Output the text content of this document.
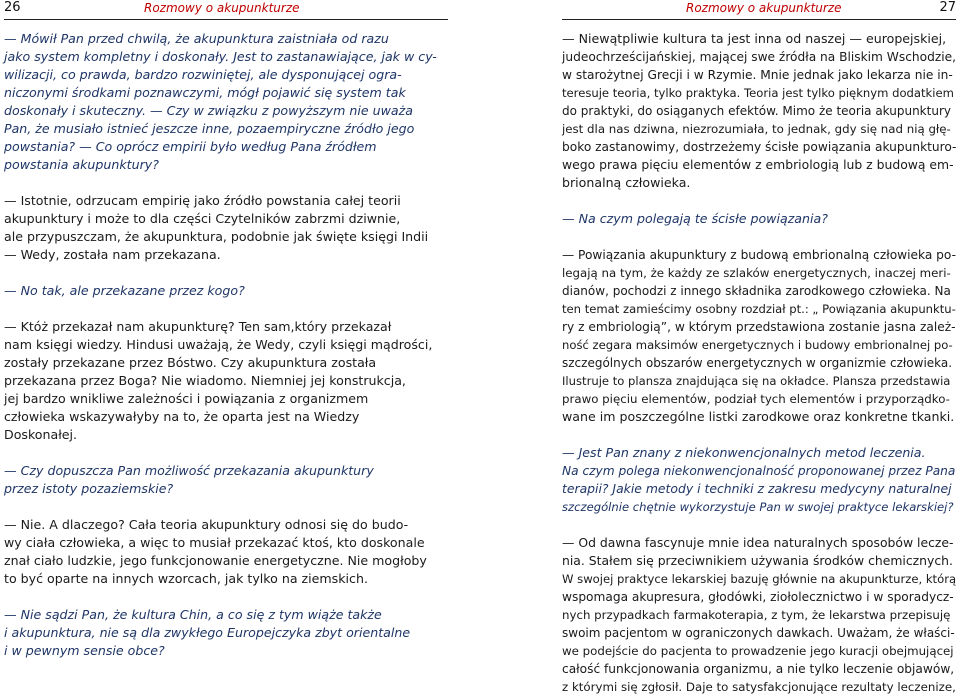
26	Rozmowy o akupunkturze
— Mówił Pan przed chwilą, że akupunktura zaistniała od razu
jako system kompletny i doskonały. Jest to zastanawiające, jak w cy-
wilizacji, co prawda, bardzo rozwiniętej, ale dysponującej ogra-
niczonymi środkami poznawczymi, mógł pojawić się system tak
doskonały i skuteczny. — Czy w związku z powyższym nie uważa
Pan, że musiało istnieć jeszcze inne, pozaempiryczne źródło jego
powstania? — Co oprócz empirii było według Pana źródłem
powstania akupunktury?
— Istotnie, odrzucam empirię jako źródło powstania całej teorii
akupunktury i może to dla części Czytelników zabrzmi dziwnie,
ale przypuszczam, że akupunktura, podobnie jak święte księgi Indii
— Wedy, została nam przekazana.
— No tak, ale przekazane przez kogo?
— Któż przekazał nam akupunkturę? Ten sam,który przekazał
nam księgi wiedzy. Hindusi uważają, że Wedy, czyli księgi mądrości,
zostały przekazane przez Bóstwo. Czy akupunktura została
przekazana przez Boga? Nie wiadomo. Niemniej jej konstrukcja,
jej bardzo wnikliwe zależności i powiązania z organizmem
człowieka wskazywałyby na to, że oparta jest na Wiedzy
Doskonałej.
— Czy dopuszcza Pan możliwość przekazania akupunktury
przez istoty pozaziemskie?
— Nie. A dlaczego? Cała teoria akupunktury odnosi się do budo-
wy ciała człowieka, a więc to musiał przekazać ktoś, kto doskonale
znał ciało ludzkie, jego funkcjonowanie energetyczne. Nie mogłoby
to być oparte na innych wzorcach, jak tylko na ziemskich.
— Nie sądzi Pan, że kultura Chin, a co się z tym wiąże także
i akupunktura, nie są dla zwykłego Europejczyka zbyt orientalne
i w pewnym sensie obce?
Rozmowy o akupunkturze	27
— Niewątpliwie kultura ta jest inna od naszej — europejskiej,
judeochrześcijańskiej, mającej swe źródła na Bliskim Wschodzie,
w starożytnej Grecji i w Rzymie. Mnie jednak jako lekarza nie in-
teresuje teoria, tylko praktyka. Teoria jest tylko pięknym dodatkiem
do praktyki, do osiąganych efektów. Mimo że teoria akupunktury
jest dla nas dziwna, niezrozumiała, to jednak, gdy się nad nią głę-
boko zastanowimy, dostrzeżemy ścisłe powiązania akupunkturo-
wego prawa pięciu elementów z embriologią lub z budową em-
brionalną człowieka.
— Na czym polegają te ścisłe powiązania?
— Powiązania akupunktury z budową embrionalną człowieka po-
legają na tym, że każdy ze szlaków energetycznych, inaczej meri-
dianów, pochodzi z innego składnika zarodkowego człowieka. Na
ten temat zamieścimy osobny rozdział pt.: „ Powiązania akupunktu-
ry z embriologią”, w którym przedstawiona zostanie jasna zależ-
ność zegara maksimów energetycznych i budowy embrionalnej po-
szczególnych obszarów energetycznych w organizmie człowieka.
Ilustruje to plansza znajdująca się na okładce. Plansza przedstawia
prawo pięciu elementów, podział tych elementów i przyporządko-
wane im poszczególne listki zarodkowe oraz konkretne tkanki.
— Jest Pan znany z niekonwencjonalnych metod leczenia.
Na czym polega niekonwencjonalność proponowanej przez Pana
terapii? Jakie metody i techniki z zakresu medycyny naturalnej
szczególnie chętnie wykorzystuje Pan w swojej praktyce lekarskiej?
— Od dawna fascynuje mnie idea naturalnych sposobów lecze-
nia. Stałem się przeciwnikiem używania środków chemicznych.
W swojej praktyce lekarskiej bazuję głównie na akupunkturze, którą
wspomaga akupresura, głodówki, ziołolecznictwo i w sporadycz-
nych przypadkach farmakoterapia, z tym, że lekarstwa przepisuję
swoim pacjentom w ograniczonych dawkach. Uważam, że właści-
we podejście do pacjenta to prowadzenie jego kuracji obejmującej
całość funkcjonowania organizmu, a nie tylko leczenie objawów,
z którymi się zgłosił. Daje to satysfakcjonujące rezultaty leczenize,
